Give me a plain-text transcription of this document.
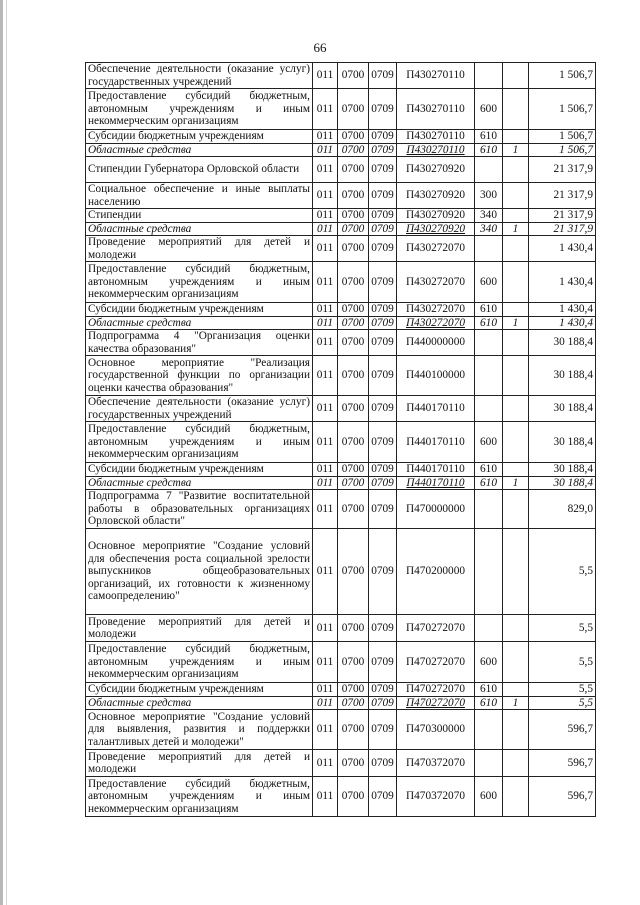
66
Обеспечение деятельности (оказание услуг) государственных учреждений	011	0700	0709	П430270110			1 506,7
Предоставление субсидий бюджетным, автономным учреждениям и иным некоммерческим организациям	011	0700	0709	П430270110	600		1 506,7
Субсидии бюджетным учреждениям	011	0700	0709	П430270110	610		1 506,7
Областные средства	011	0700	0709	П430270110	610	1	1 506,7
Стипендии Губернатора Орловской области	011	0700	0709	П430270920			21 317,9
Социальное обеспечение и иные выплаты населению	011	0700	0709	П430270920	300		21 317,9
Стипендии	011	0700	0709	П430270920	340		21 317,9
Областные средства	011	0700	0709	П430270920	340	1	21 317,9
Проведение мероприятий для детей и молодежи	011	0700	0709	П430272070			1 430,4
Предоставление субсидий бюджетным, автономным учреждениям и иным некоммерческим организациям	011	0700	0709	П430272070	600		1 430,4
Субсидии бюджетным учреждениям	011	0700	0709	П430272070	610		1 430,4
Областные средства	011	0700	0709	П430272070	610	1	1 430,4
Подпрограмма 4 "Организация оценки качества образования"	011	0700	0709	П440000000			30 188,4
Основное мероприятие "Реализация государственной функции по организации оценки качества образования"	011	0700	0709	П440100000			30 188,4
Обеспечение деятельности (оказание услуг) государственных учреждений	011	0700	0709	П440170110			30 188,4
Предоставление субсидий бюджетным, автономным учреждениям и иным некоммерческим организациям	011	0700	0709	П440170110	600		30 188,4
Субсидии бюджетным учреждениям	011	0700	0709	П440170110	610		30 188,4
Областные средства	011	0700	0709	П440170110	610	1	30 188,4
Подпрограмма 7 "Развитие воспитательной работы в образовательных организациях Орловской области"	011	0700	0709	П470000000			829,0
Основное мероприятие "Создание условий для обеспечения роста социальной зрелости выпускников общеобразовательных организаций, их готовности к жизненному самоопределению"	011	0700	0709	П470200000			5,5
Проведение мероприятий для детей и молодежи	011	0700	0709	П470272070			5,5
Предоставление субсидий бюджетным, автономным учреждениям и иным некоммерческим организациям	011	0700	0709	П470272070	600		5,5
Субсидии бюджетным учреждениям	011	0700	0709	П470272070	610		5,5
Областные средства	011	0700	0709	П470272070	610	1	5,5
Основное мероприятие "Создание условий для выявления, развития и поддержки талантливых детей и молодежи"	011	0700	0709	П470300000			596,7
Проведение мероприятий для детей и молодежи	011	0700	0709	П470372070			596,7
Предоставление субсидий бюджетным, автономным учреждениям и иным некоммерческим организациям	011	0700	0709	П470372070	600		596,7
